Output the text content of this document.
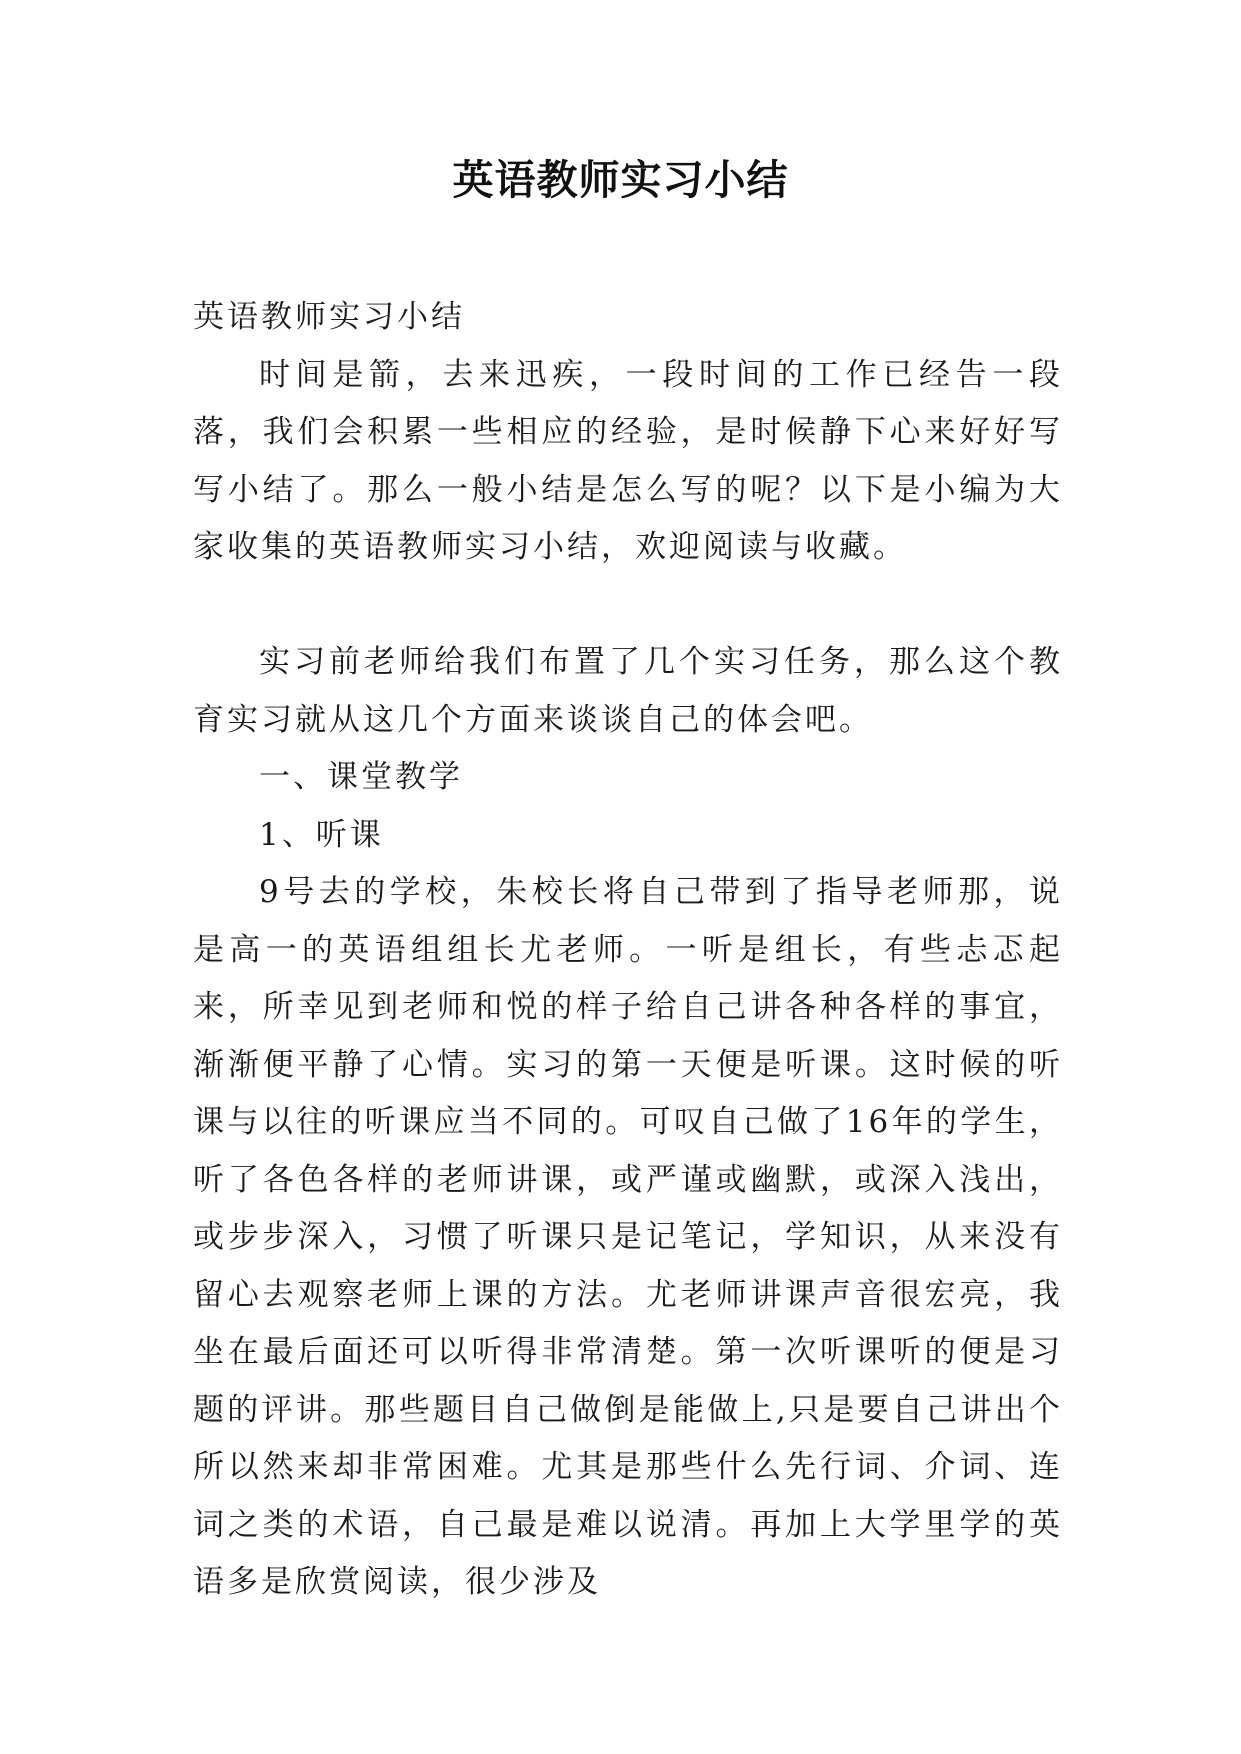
英语教师实习小结

英语教师实习小结

时间是箭，去来迅疾，一段时间的工作已经告一段落，我们会积累一些相应的经验，是时候静下心来好好写写小结了。那么一般小结是怎么写的呢？以下是小编为大家收集的英语教师实习小结，欢迎阅读与收藏。

实习前老师给我们布置了几个实习任务，那么这个教育实习就从这几个方面来谈谈自己的体会吧。

一、课堂教学

1、听课

9号去的学校，朱校长将自己带到了指导老师那，说是高一的英语组组长尤老师。一听是组长，有些忐忑起来，所幸见到老师和悦的样子给自己讲各种各样的事宜，渐渐便平静了心情。实习的第一天便是听课。这时候的听课与以往的听课应当不同的。可叹自己做了16年的学生，听了各色各样的老师讲课，或严谨或幽默，或深入浅出，或步步深入，习惯了听课只是记笔记，学知识，从来没有留心去观察老师上课的方法。尤老师讲课声音很宏亮，我坐在最后面还可以听得非常清楚。第一次听课听的便是习题的评讲。那些题目自己做倒是能做上,只是要自己讲出个所以然来却非常困难。尤其是那些什么先行词、介词、连词之类的术语，自己最是难以说清。再加上大学里学的英语多是欣赏阅读，很少涉及
